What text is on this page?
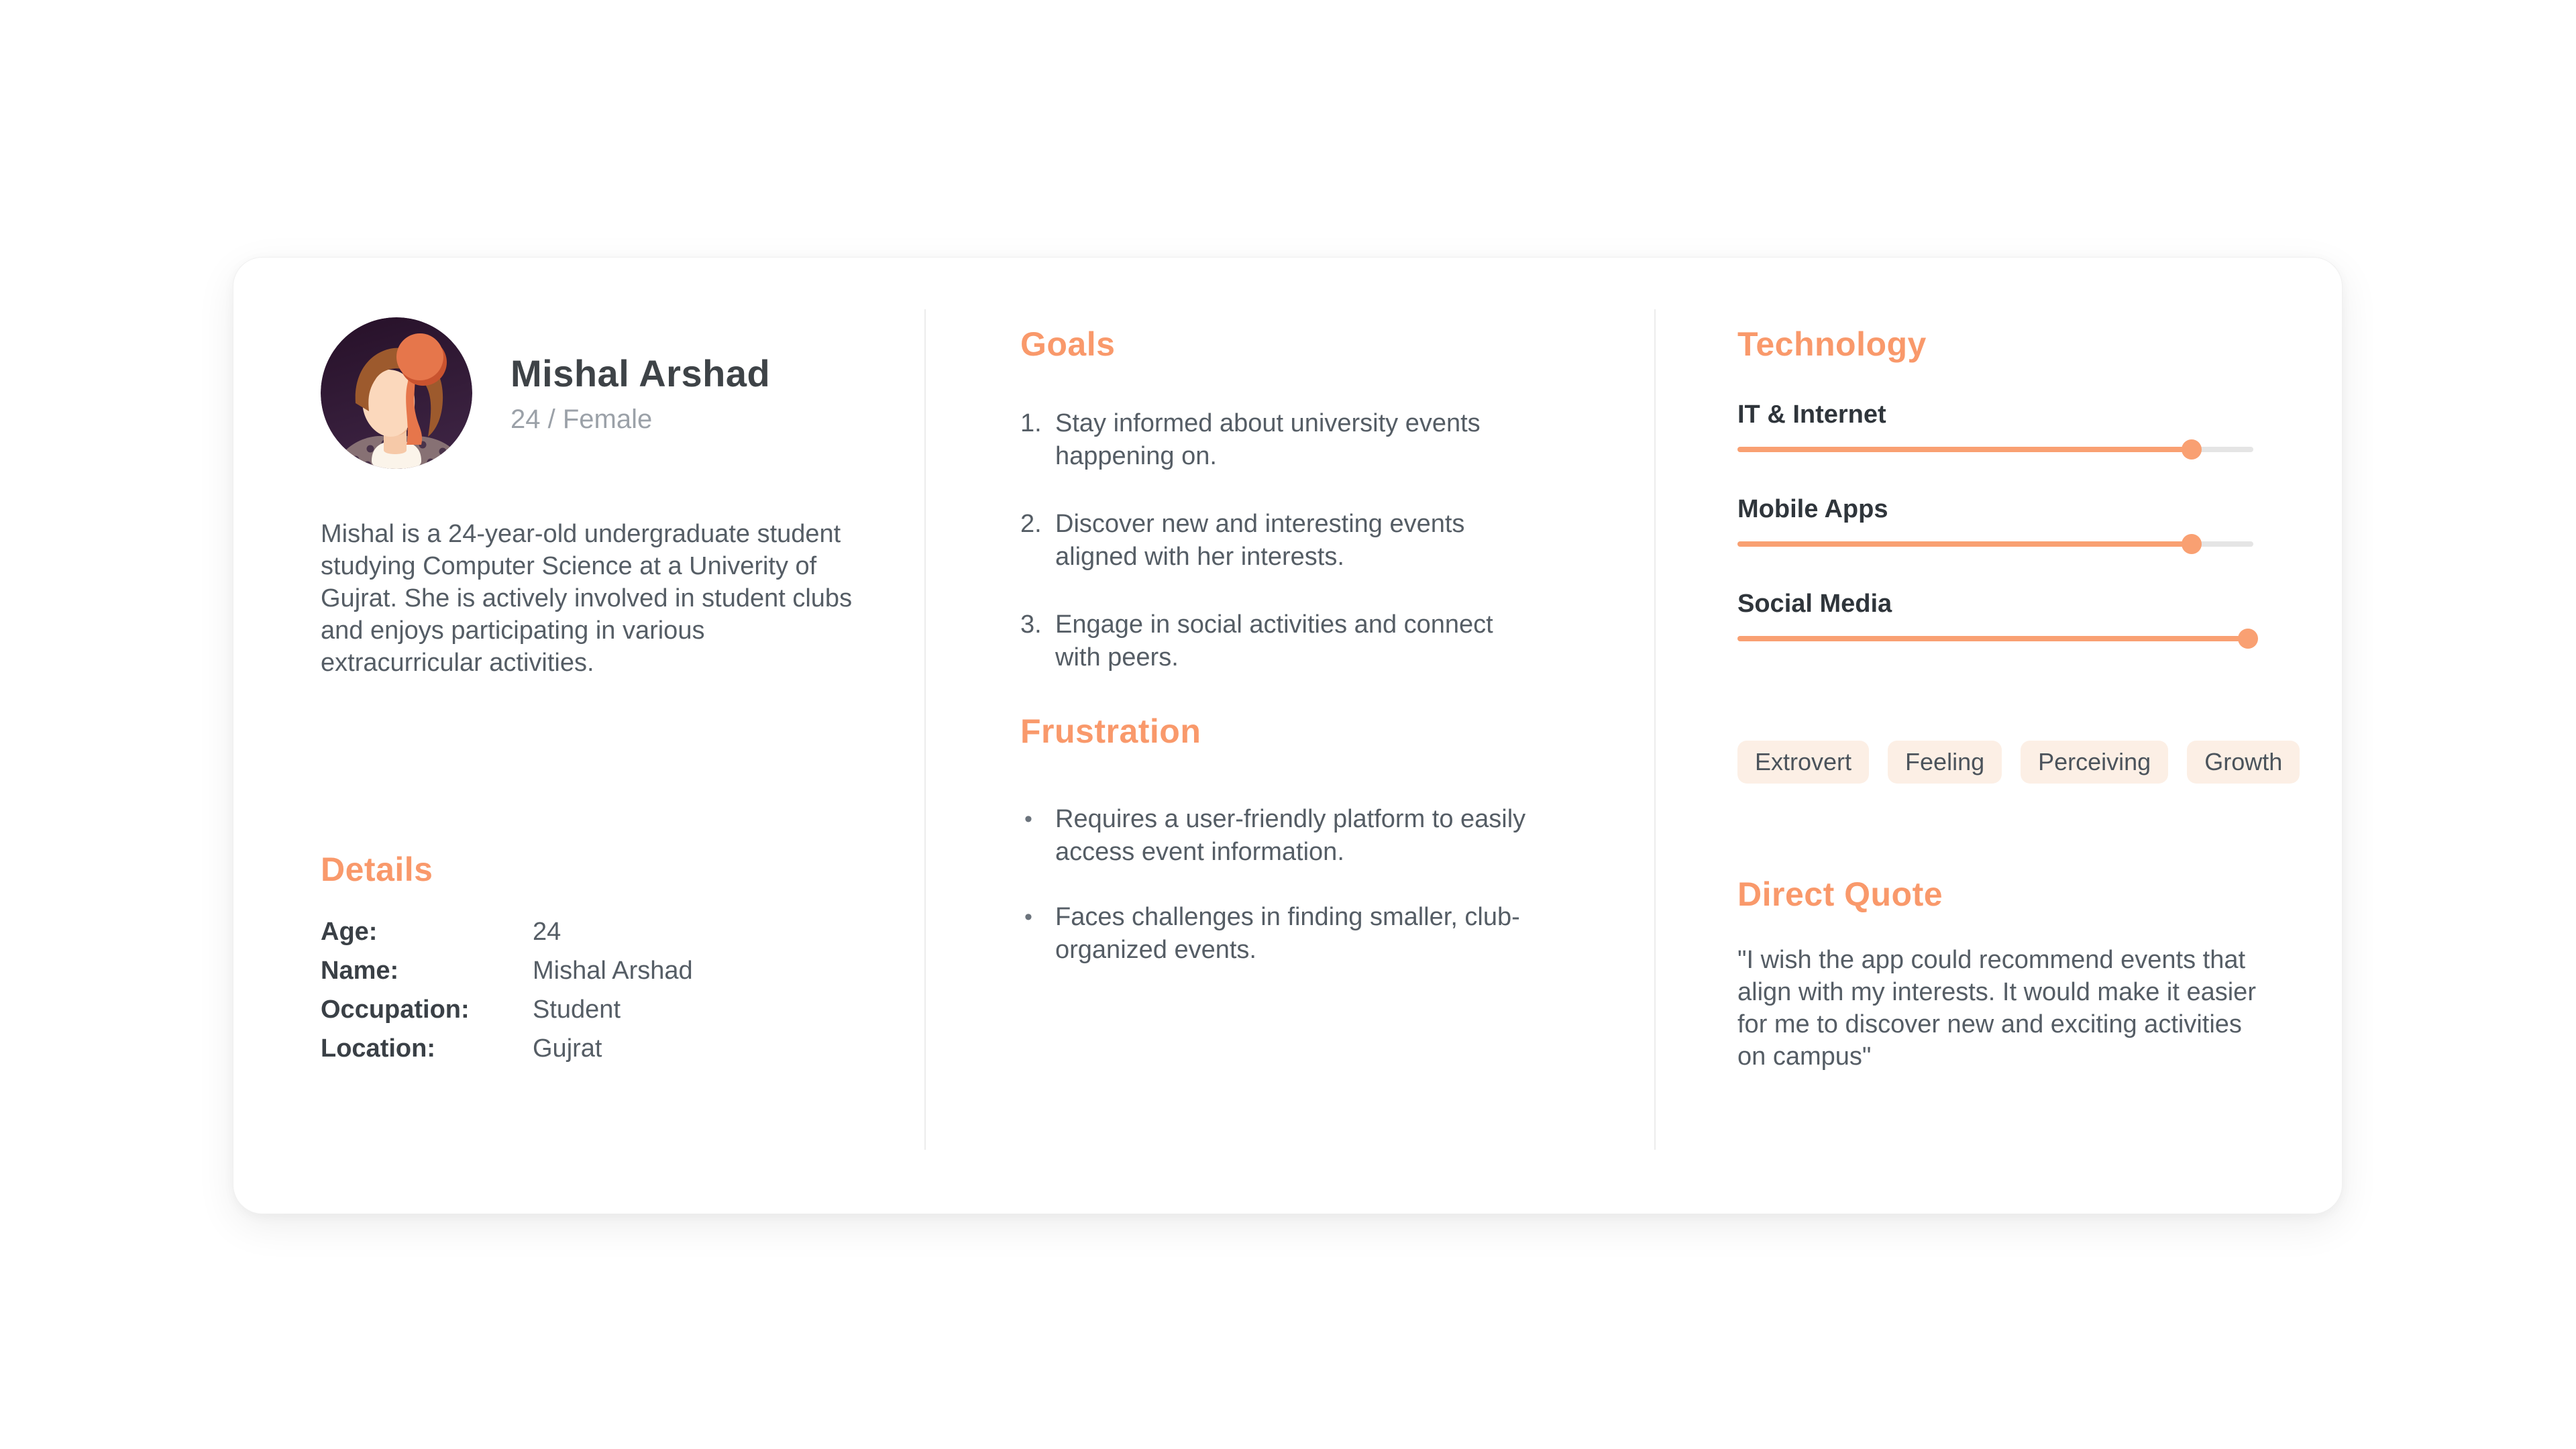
Mishal Arshad
24 / Female

Mishal is a 24-year-old undergraduate student studying Computer Science at a Univerity of Gujrat. She is actively involved in student clubs and enjoys participating in various extracurricular activities.

Details
Age:	24
Name:	Mishal Arshad
Occupation:	Student
Location:	Gujrat
Goals
1. Stay informed about university events happening on.
2. Discover new and interesting events aligned with her interests.
3. Engage in social activities and connect with peers.
Frustration
• Requires a user-friendly platform to easily access event information.
• Faces challenges in finding smaller, club-organized events.
Technology
IT & Internet
Mobile Apps
Social Media
Extrovert	Feeling	Perceiving	Growth
Direct Quote

"I wish the app could recommend events that align with my interests. It would make it easier for me to discover new and exciting activities on campus"
